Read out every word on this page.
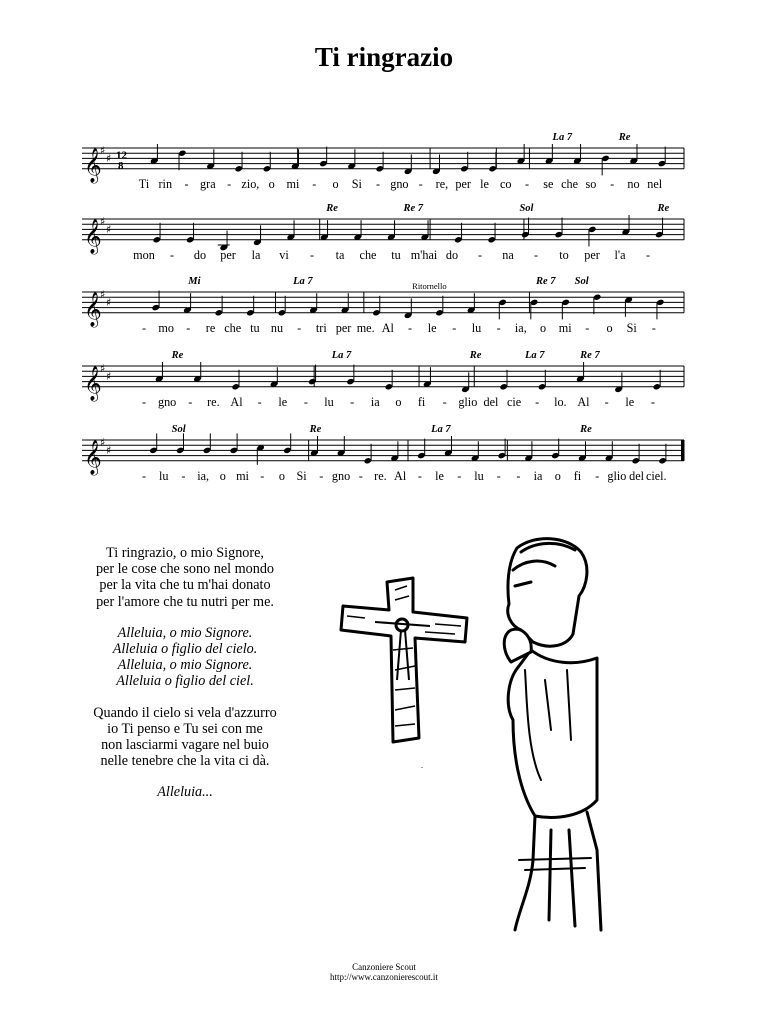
Ti ringrazio
𝄞
♯
♯ 12
8
Re
La 7
Ti rin - gra - zio, o mi - o Si - gno - re, per le co - se che so - no nel
𝄞
♯
♯
Re	Re 7	Sol	Re
mon - do per la vi - ta che tu m'hai do - na - to per l'a -
𝄞
♯
♯
Mi	La 7	Re 7 Sol
Ritornello
- mo - re che tu nu - tri per me. Al - le - lu - ia, o mi - o Si -
𝄞
♯
♯
Re	La 7	Re	La 7	Re 7
- gno - re. Al - le - lu - ia o fi - glio del cie - lo. Al - le -
𝄞
♯
♯
Sol	Re	La 7	Re
- lu - ia, o mi - o Si - gno - re. Al - le - lu - - ia o fi - glio del ciel.
Ti ringrazio, o mio Signore,
per le cose che sono nel mondo
per la vita che tu m'hai donato
per l'amore che tu nutri per me.
Alleluia, o mio Signore.
Alleluia o figlio del cielo.
Alleluia, o mio Signore.
Alleluia o figlio del ciel.
Quando il cielo si vela d'azzurro
io Ti penso e Tu sei con me
non lasciarmi vagare nel buio
nelle tenebre che la vita ci dà.
Alleluia...
.
Canzoniere Scout
http://www.canzonierescout.it
